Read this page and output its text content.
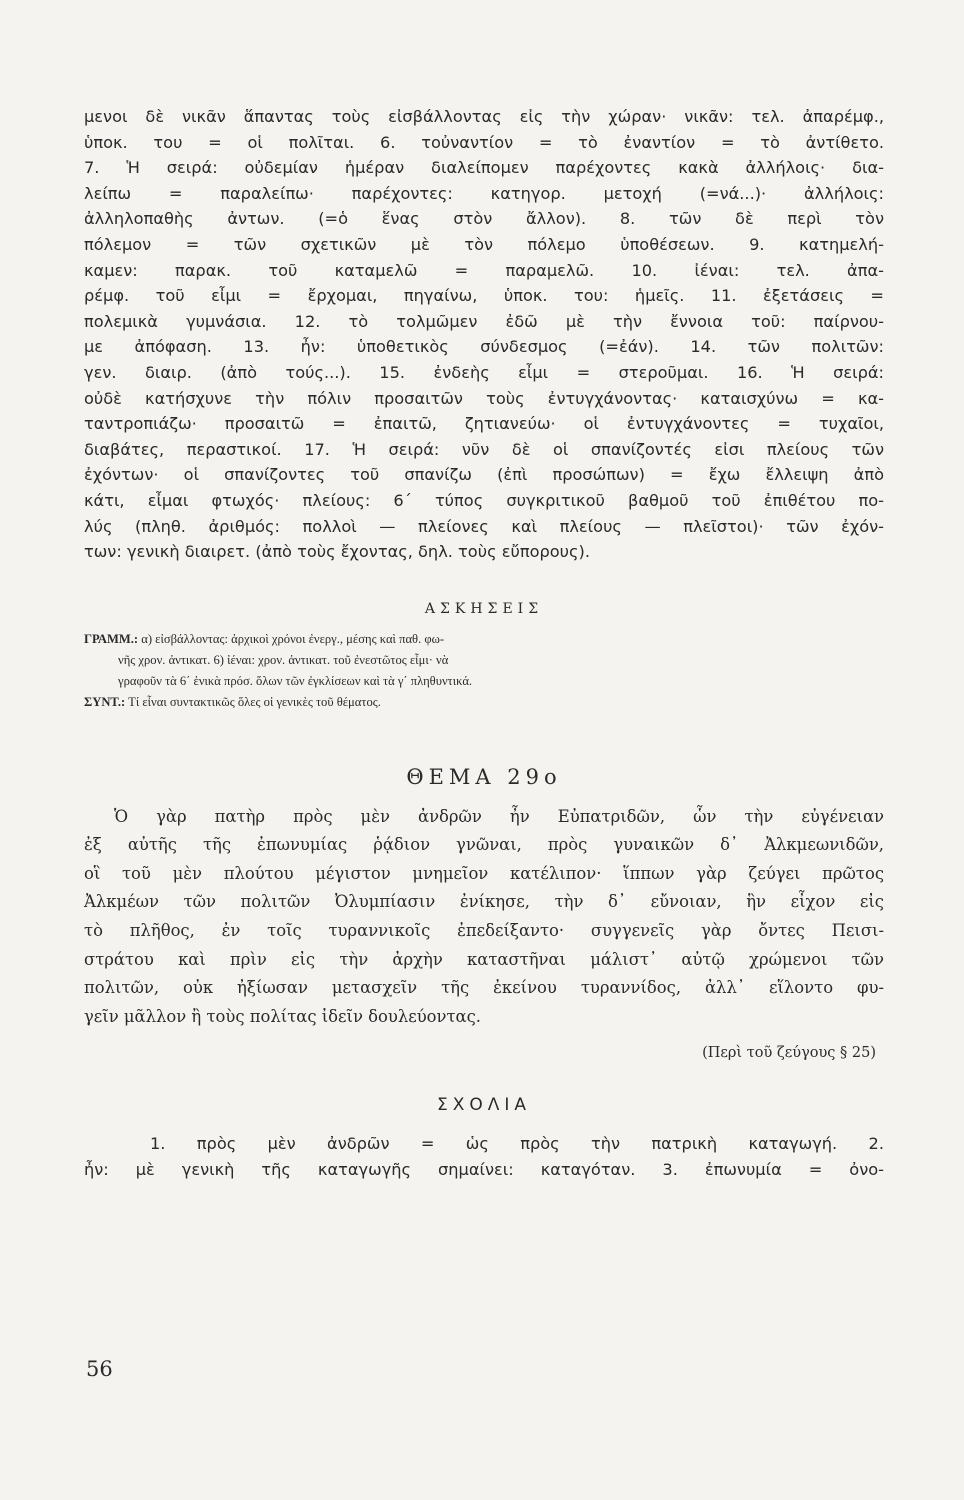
μενοι δὲ νικᾶν ἅπαντας τοὺς εἰσβάλλοντας εἰς τὴν χώραν· νικᾶν: τελ. ἀπαρέμφ.,

ὑποκ. του = οἱ πολῖται. 6. τοὐναντίον = τὸ ἐναντίον = τὸ ἀντίθετο.

7. Ἡ σειρά: οὐδεμίαν ἡμέραν διαλείπομεν παρέχοντες κακὰ ἀλλήλοις· δια-

λείπω = παραλείπω· παρέχοντες: κατηγορ. μετοχή (=νά...)· ἀλλήλοις:

ἀλληλοπαθὴς ἀντων. (=ὁ ἕνας στὸν ἄλλον). 8. τῶν δὲ περὶ τὸν

πόλεμον = τῶν σχετικῶν μὲ τὸν πόλεμο ὑποθέσεων. 9. κατημελή-

καμεν: παρακ. τοῦ καταμελῶ = παραμελῶ. 10. ἰέναι: τελ. ἀπα-

ρέμφ. τοῦ εἶμι = ἔρχομαι, πηγαίνω, ὑποκ. του: ἡμεῖς. 11. ἐξετάσεις =

πολεμικὰ γυμνάσια. 12. τὸ τολμῶμεν ἐδῶ μὲ τὴν ἔννοια τοῦ: παίρνου-

με ἀπόφαση. 13. ἦν: ὑποθετικὸς σύνδεσμος (=ἐάν). 14. τῶν πολιτῶν:

γεν. διαιρ. (ἀπὸ τούς...). 15. ἐνδεὴς εἶμι = στεροῦμαι. 16. Ἡ σειρά:

οὐδὲ κατήσχυνε τὴν πόλιν προσαιτῶν τοὺς ἐντυγχάνοντας· καταισχύνω = κα-

ταντροπιάζω· προσαιτῶ = ἐπαιτῶ, ζητιανεύω· οἱ ἐντυγχάνοντες = τυχαῖοι,

διαβάτες, περαστικοί. 17. Ἡ σειρά: νῦν δὲ οἱ σπανίζοντές εἰσι πλείους τῶν

ἐχόντων· οἱ σπανίζοντες τοῦ σπανίζω (ἐπὶ προσώπων) = ἔχω ἔλλειψη ἀπὸ

κάτι, εἶμαι φτωχός· πλείους: 6΄ τύπος συγκριτικοῦ βαθμοῦ τοῦ ἐπιθέτου πο-

λύς (πληθ. ἀριθμός: πολλοὶ — πλείονες καὶ πλείους — πλεῖστοι)· τῶν ἐχόν-

των: γενικὴ διαιρετ. (ἀπὸ τοὺς ἔχοντας, δηλ. τοὺς εὔπορους).

ΑΣΚΗΣΕΙΣ

ΓΡΑΜΜ.: α) εἰσβάλλοντας: ἀρχικοὶ χρόνοι ἐνεργ., μέσης καὶ παθ. φω-

νῆς χρον. ἀντικατ. 6) ἰέναι: χρον. ἀντικατ. τοῦ ἐνεστῶτος εἶμι· νὰ

γραφοῦν τὰ 6΄ ἑνικὰ πρόσ. ὅλων τῶν ἐγκλίσεων καὶ τὰ γ΄ πληθυντικά.

ΣΥΝΤ.: Τί εἶναι συντακτικῶς ὅλες οἱ γενικὲς τοῦ θέματος.

ΘΕΜΑ 29ο

Ὁ γὰρ πατὴρ πρὸς μὲν ἀνδρῶν ἦν Εὐπατριδῶν, ὧν τὴν εὐγένειαν

ἐξ αὐτῆς τῆς ἐπωνυμίας ῥᾴδιον γνῶναι, πρὸς γυναικῶν δ᾽ Ἀλκμεωνιδῶν,

οἳ τοῦ μὲν πλούτου μέγιστον μνημεῖον κατέλιπον· ἵππων γὰρ ζεύγει πρῶτος

Ἀλκμέων τῶν πολιτῶν Ὀλυμπίασιν ἐνίκησε, τὴν δ᾽ εὔνοιαν, ἣν εἶχον εἰς

τὸ πλῆθος, ἐν τοῖς τυραννικοῖς ἐπεδείξαντο· συγγενεῖς γὰρ ὄντες Πεισι-

στράτου καὶ πρὶν εἰς τὴν ἀρχὴν καταστῆναι μάλιστ᾽ αὐτῷ χρώμενοι τῶν

πολιτῶν, οὐκ ἠξίωσαν μετασχεῖν τῆς ἐκείνου τυραννίδος, ἀλλ᾽ εἵλοντο φυ-

γεῖν μᾶλλον ἢ τοὺς πολίτας ἰδεῖν δουλεύοντας.

(Περὶ τοῦ ζεύγους § 25)
ΣΧΟΛΙΑ

1. πρὸς μὲν ἀνδρῶν = ὡς πρὸς τὴν πατρικὴ καταγωγή. 2.

ἦν: μὲ γενικὴ τῆς καταγωγῆς σημαίνει: καταγόταν. 3. ἐπωνυμία = ὀνο-

56
